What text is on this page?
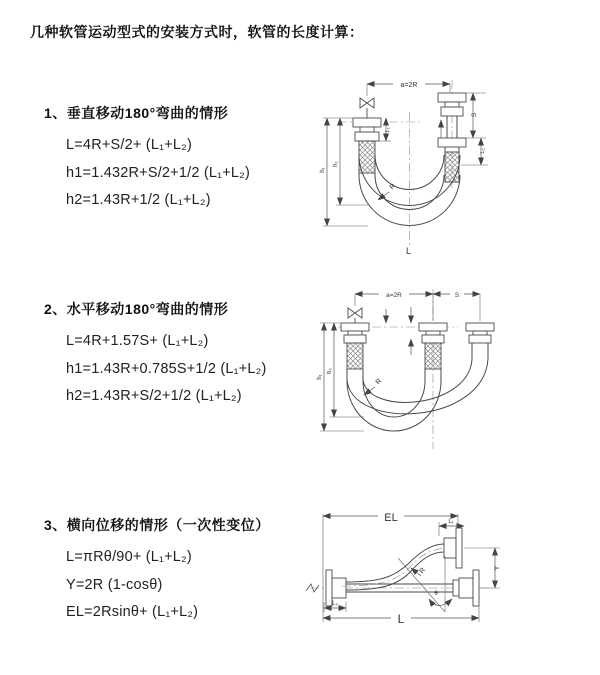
几种软管运动型式的安装方式时，软管的长度计算：
1、垂直移动180°弯曲的情形
L=4R+S/2+ (L₁+L₂)
h1=1.432R+S/2+1/2 (L₁+L₂)
h2=1.43R+1/2 (L₁+L₂)
2、水平移动180°弯曲的情形
L=4R+1.57S+ (L₁+L₂)
h1=1.43R+0.785S+1/2 (L₁+L₂)
h2=1.43R+S/2+1/2 (L₁+L₂)
3、横向位移的情形（一次性变位）
L=πRθ/90+ (L₁+L₂)
Y=2R (1-cosθ)
EL=2Rsinθ+ (L₁+L₂)
a=2R
h₁
h₂
L₁
S
L₂
R
L
a=2R	S
h₁
h₂
R
EL	L₁
θ
R	Y
L₂
L
